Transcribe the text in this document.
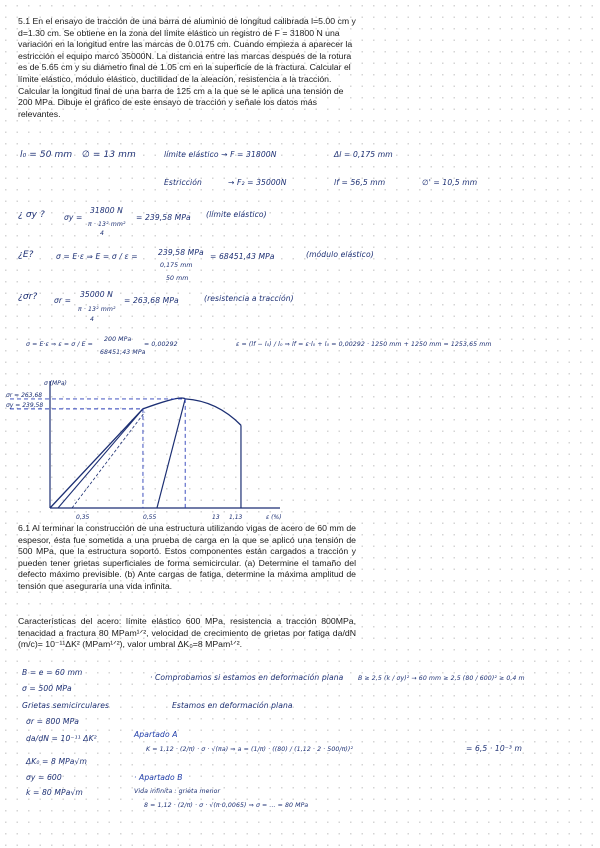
5.1 En el ensayo de tracción de una barra de aluminio de longitud calibrada l=5.00 cm y d=1.30 cm. Se obtiene en la zona del límite elástico un registro de F = 31800 N una variación en la longitud entre las marcas de 0.0175 cm. Cuando empieza a aparecer la estricción el equipo marcó 35000N. La distancia entre las marcas después de la rotura es de 5.65 cm y su diámetro final de 1.05 cm en la superficie de la fractura. Calcular el límite elástico, módulo elástico, ductilidad de la aleación, resistencia a la tracción. Calcular la longitud final de una barra de 125 cm a la que se le aplica una tensión de 200 MPa. Dibuje el gráfico de este ensayo de tracción y señale los datos más relevantes.

l₀ = 50 mm ∅ = 13 mm	límite elástico → F = 31800N	Δl = 0,175 mm
Estricción	→ F₂ = 35000N	lf = 56,5 mm	∅' = 10,5 mm
¿ σy ?	σy =
31800 N
π · 13² mm²
4
= 239,58 MPa (límite elástico)
¿E?	σ = E·ε ⇒ E = σ / ε =	239,58 MPa
0,175 mm
50 mm
= 68451,43 MPa	(módulo elástico)
¿σr? σr =
35000 N
π · 13² mm²
4
= 263,68 MPa	(resistencia a tracción)
σ = E·ε ⇒ ε = σ / E =
200 MPa
68451,43 MPa
= 0,00292	ε = (lf − l₀) / l₀ ⇒ lf = ε·l₀ + l₀ = 0,00292 · 1250 mm + 1250 mm = 1253,65 mm
σ (MPa)
ε (%)
σr = 263,68
σy = 239,58
0,35	0,55	1,13
13

6.1 Al terminar la construcción de una estructura utilizando vigas de acero de 60 mm de espesor, ésta fue sometida a una prueba de carga en la que se aplicó una tensión de 500 MPa, que la estructura soportó. Estos componentes están cargados a tracción y pueden tener grietas superficiales de forma semicircular. (a) Determine el tamaño del defecto máximo previsible. (b) Ante cargas de fatiga, determine la máxima amplitud de tensión que aseguraría una vida infinita.

Características del acero: límite elástico 600 MPa, resistencia a tracción 800MPa, tenacidad a fractura 80 MPam¹ᐟ², velocidad de crecimiento de grietas por fatiga da/dN (m/c)= 10⁻¹¹ΔK² (MPam¹ᐟ²), valor umbral ΔK₀=8 MPam¹ᐟ².

B = e = 60 mm
σ = 500 MPa
Grietas semicirculares
σr = 800 MPa
da/dN = 10⁻¹¹ ΔK²
ΔK₀ = 8 MPa√m
σy = 600
k = 80 MPa√m
· Comprobamos si estamos en deformación plana B ≥ 2,5 (k / σy)² → 60 mm ≥ 2,5 (80 / 600)² ≥ 0,4 m
Estamos en deformación plana
Apartado A
K = 1,12 · (2/π) · σ · √(πa) ⇒ a = (1/π) · ((80) / (1,12 · 2 · 500/π))²	= 6,5 · 10⁻³ m
· Apartado B
Vida infinita : grieta menor
8 = 1,12 · (2/π) · σ · √(π·0,0065) ⇒ σ = ... = 80 MPa
